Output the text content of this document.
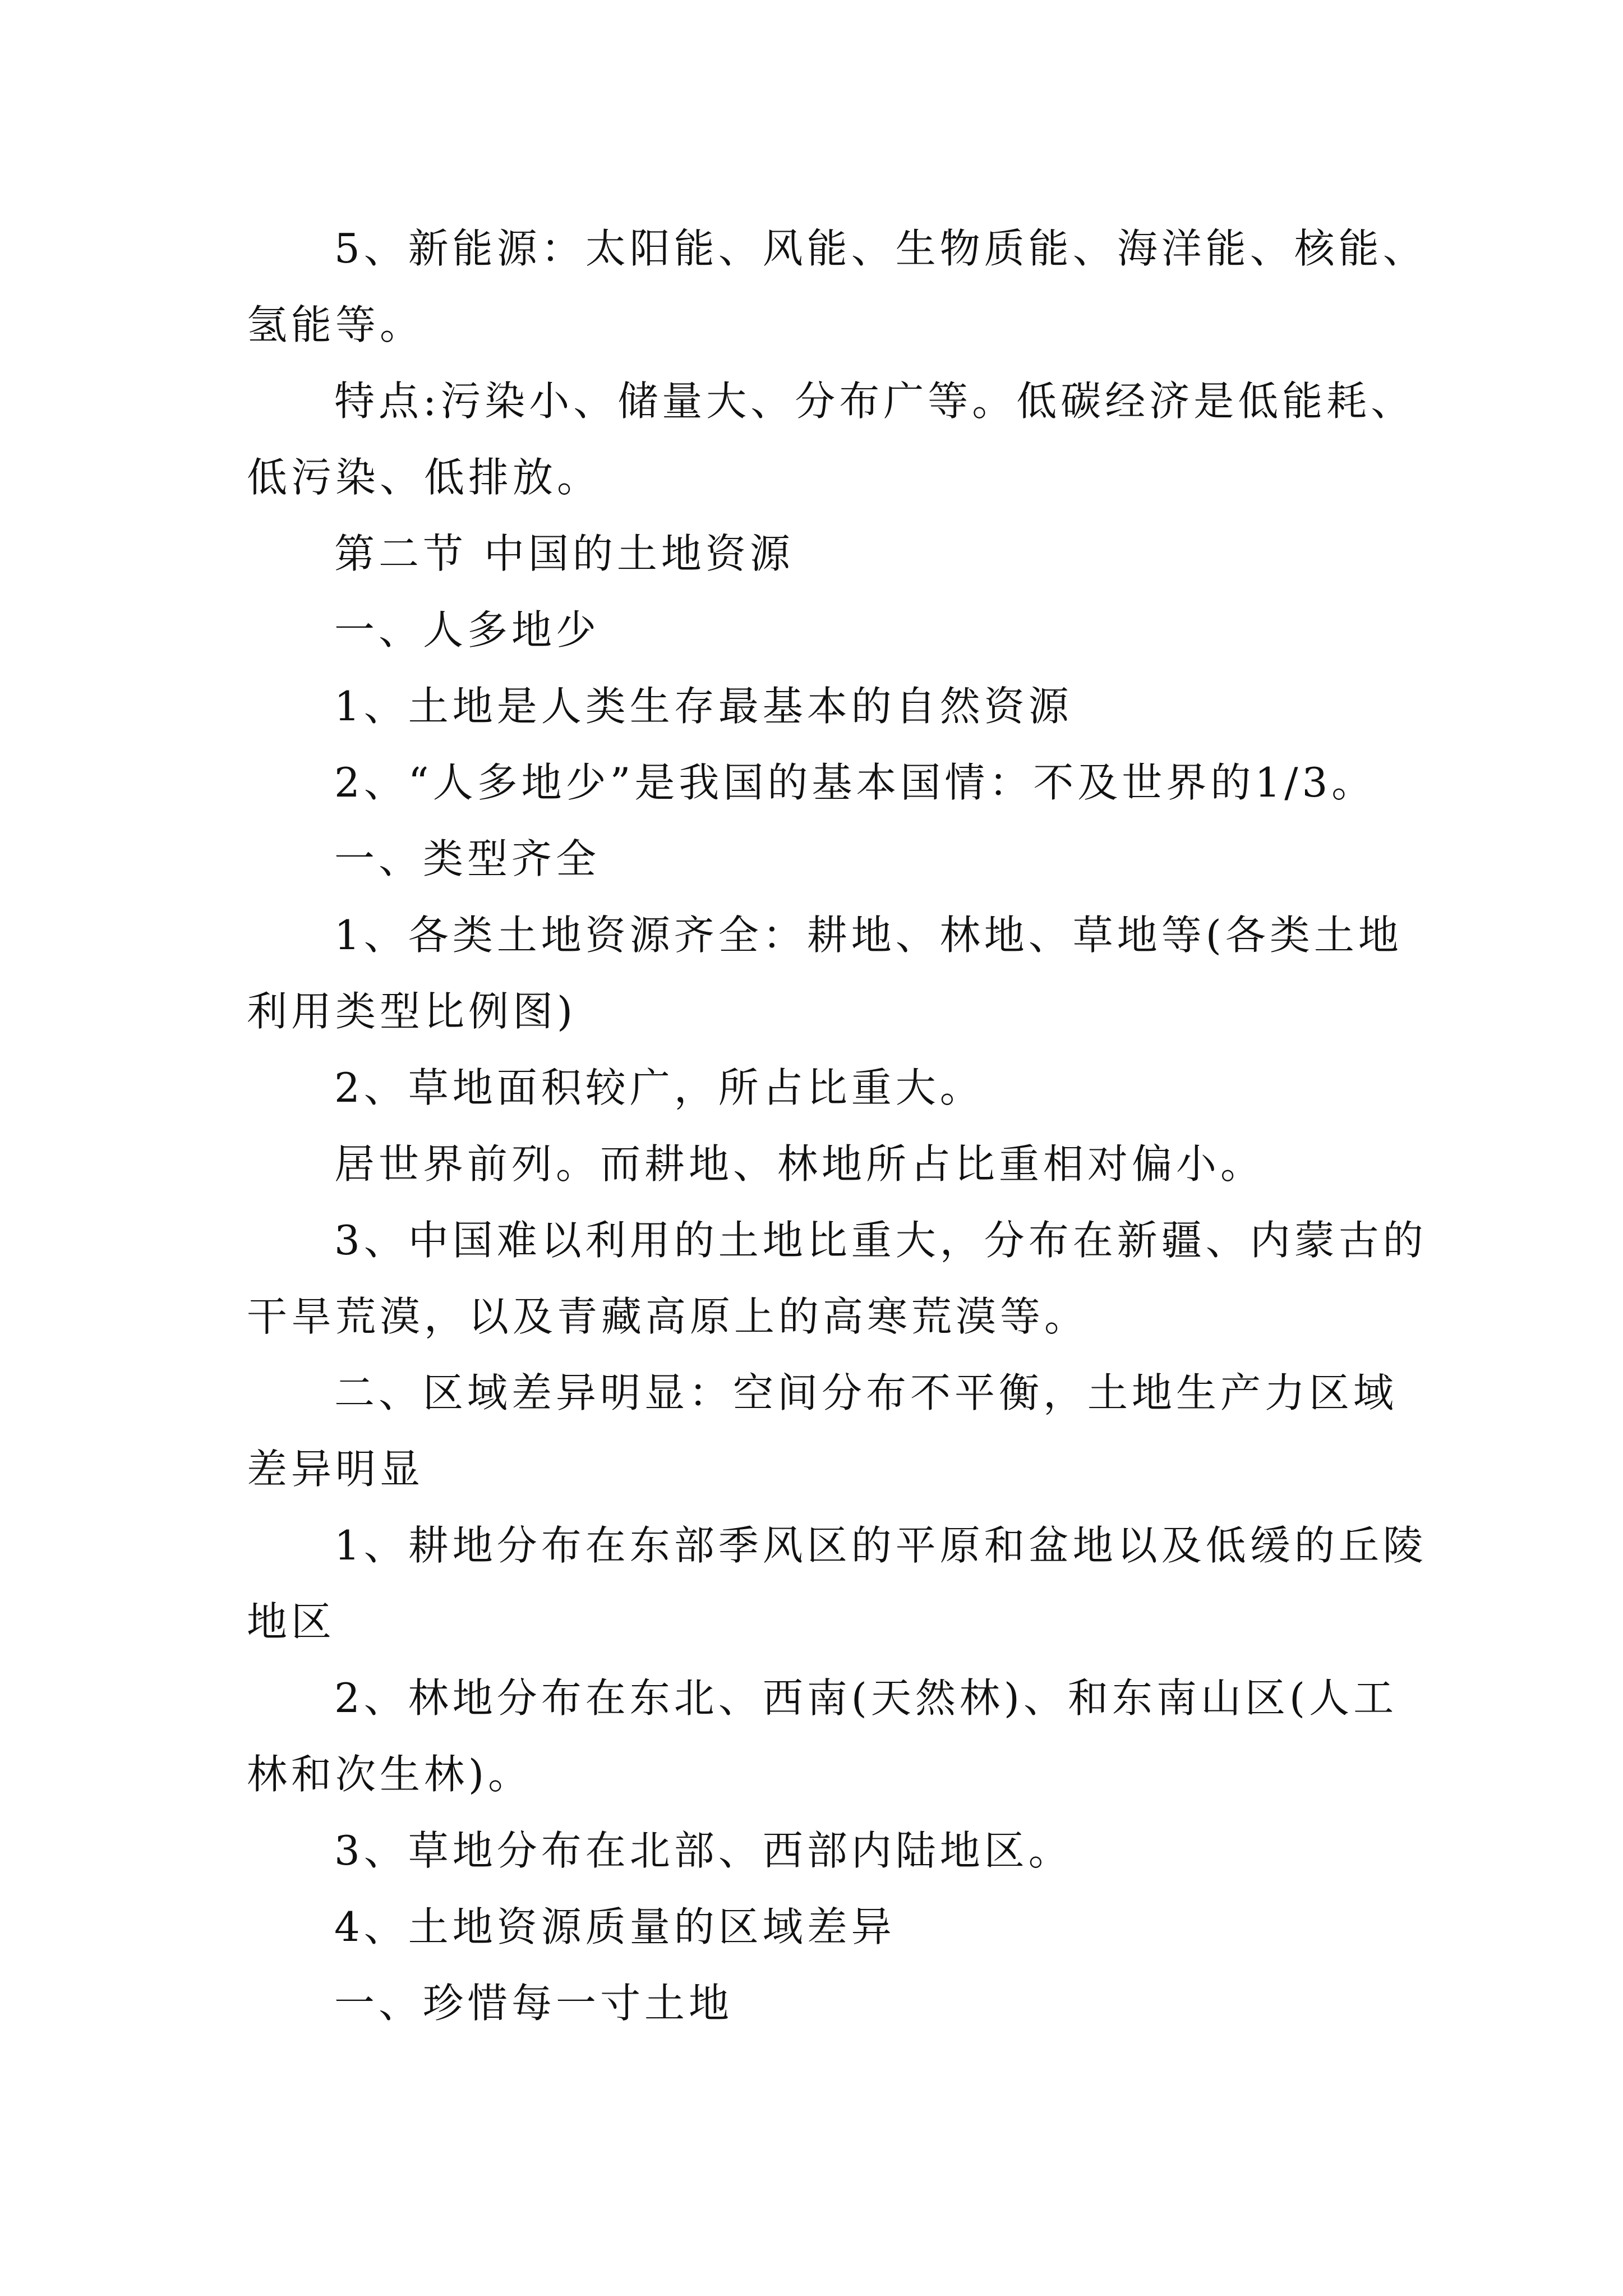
5、新能源：太阳能、风能、生物质能、海洋能、核能、氢能等。

特点:污染小、储量大、分布广等。低碳经济是低能耗、低污染、低排放。

第二节 中国的土地资源

一、人多地少

1、土地是人类生存最基本的自然资源

2、“人多地少”是我国的基本国情：不及世界的1/3。

一、类型齐全

1、各类土地资源齐全：耕地、林地、草地等(各类土地利用类型比例图)

2、草地面积较广，所占比重大。

居世界前列。而耕地、林地所占比重相对偏小。

3、中国难以利用的土地比重大，分布在新疆、内蒙古的干旱荒漠，以及青藏高原上的高寒荒漠等。

二、区域差异明显：空间分布不平衡，土地生产力区域差异明显

1、耕地分布在东部季风区的平原和盆地以及低缓的丘陵地区

2、林地分布在东北、西南(天然林)、和东南山区(人工林和次生林)。

3、草地分布在北部、西部内陆地区。

4、土地资源质量的区域差异

一、珍惜每一寸土地
